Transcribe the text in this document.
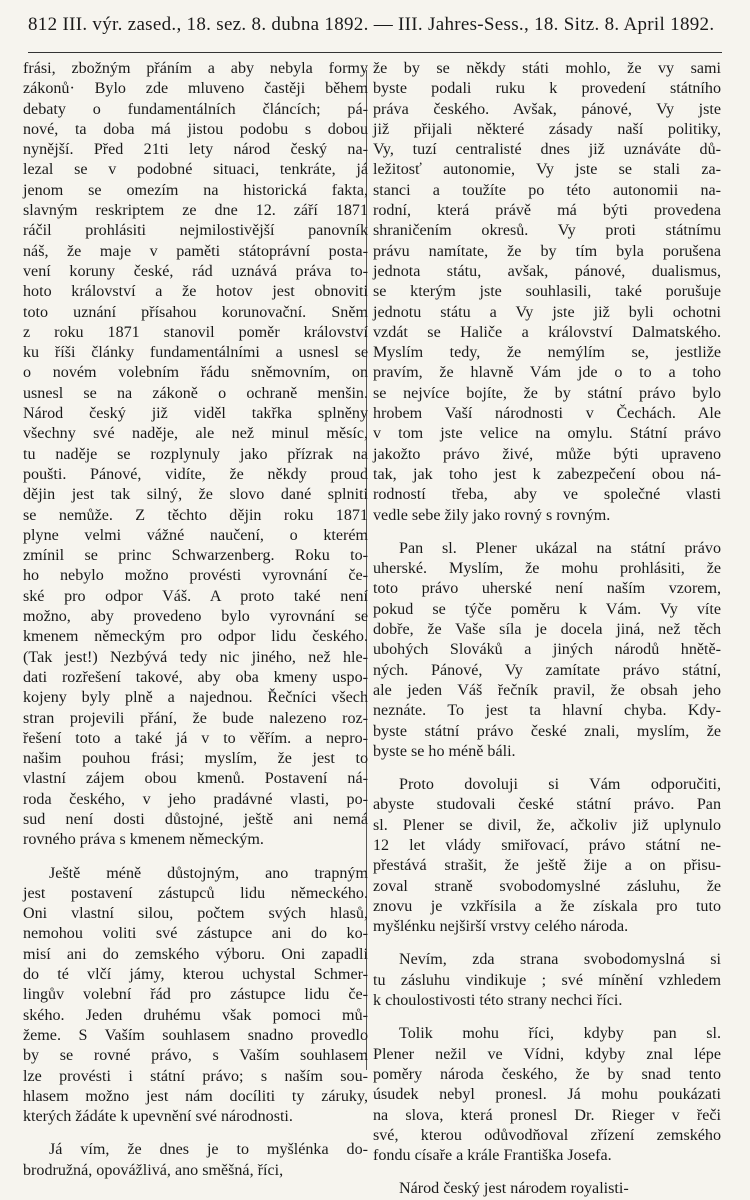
812 III. výr. zased., 18. sez. 8. dubna 1892. — III. Jahres-Sess., 18. Sitz. 8. April 1892.
frási, zbožným přáním a aby nebyla formy
zákonů· Bylo zde mluveno častěji během
debaty o fundamentálních článcích; pá-
nové, ta doba má jistou podobu s dobou
nynější. Před 21ti lety národ český na-
lezal se v podobné situaci, tenkráte, já
jenom se omezím na historická fakta,
slavným reskriptem ze dne 12. září 1871
ráčil prohlásiti nejmilostivější panovník
náš, že maje v paměti státoprávní posta-
vení koruny české, rád uznává práva to-
hoto království a že hotov jest obnoviti
toto uznání přísahou korunovační. Sněm
z roku 1871 stanovil poměr království
ku říši články fundamentálními a usnesl se
o novém volebním řádu sněmovním, on
usnesl se na zákoně o ochraně menšin.
Národ český již viděl takřka splněny
všechny své naděje, ale než minul měsíc,
tu naděje se rozplynuly jako přízrak na
poušti. Pánové, vidíte, že někdy proud
dějin jest tak silný, že slovo dané splniti
se nemůže. Z těchto dějin roku 1871
plyne velmi vážné naučení, o kterém
zmínil se princ Schwarzenberg. Roku to-
ho nebylo možno provésti vyrovnání če-
ské pro odpor Váš. A proto také není
možno, aby provedeno bylo vyrovnání se
kmenem německým pro odpor lidu českého.
(Tak jest!) Nezbývá tedy nic jiného, než hle-
dati rozřešení takové, aby oba kmeny uspo-
kojeny byly plně a najednou. Řečníci všech
stran projevili přání, že bude nalezeno roz-
řešení toto a také já v to věřím. a nepro-
našim pouhou frási; myslím, že jest to
vlastní zájem obou kmenů. Postavení ná-
roda českého, v jeho pradávné vlasti, po-
sud není dosti důstojné, ještě ani nemá
rovného práva s kmenem německým.
Ještě méně důstojným, ano trapným
jest postavení zástupců lidu německého.
Oni vlastní silou, počtem svých hlasů,
nemohou voliti své zástupce ani do ko-
misí ani do zemského výboru. Oni zapadli
do té vlčí jámy, kterou uchystal Schmer-
lingův volební řád pro zástupce lidu če-
ského. Jeden druhému však pomoci mů-
žeme. S Vaším souhlasem snadno provedlo
by se rovné právo, s Vaším souhlasem
lze provésti i státní právo; s naším sou-
hlasem možno jest nám docíliti ty záruky,
kterých žádáte k upevnění své národnosti.
Já vím, že dnes je to myšlénka do-
brodružná, opovážlivá, ano směšná, říci,
že by se někdy státi mohlo, že vy sami
byste podali ruku k provedení státního
práva českého. Avšak, pánové, Vy jste
již přijali některé zásady naší politiky,
Vy, tuzí centralisté dnes již uznáváte dů-
ležitosť autonomie, Vy jste se stali za-
stanci a toužíte po této autonomii na-
rodní, která právě má býti provedena
shraničením okresů. Vy proti státnímu
právu namítate, že by tím byla porušena
jednota státu, avšak, pánové, dualismus,
se kterým jste souhlasili, také porušuje
jednotu státu a Vy jste již byli ochotni
vzdát se Haliče a království Dalmatského.
Myslím tedy, že nemýlím se, jestliže
pravím, že hlavně Vám jde o to a toho
se nejvíce bojíte, že by státní právo bylo
hrobem Vaší národnosti v Čechách. Ale
v tom jste velice na omylu. Státní právo
jakožto právo živé, může býti upraveno
tak, jak toho jest k zabezpečení obou ná-
rodností třeba, aby ve společné vlasti
vedle sebe žily jako rovný s rovným.
Pan sl. Plener ukázal na státní právo
uherské. Myslím, že mohu prohlásiti, že
toto právo uherské není naším vzorem,
pokud se týče poměru k Vám. Vy víte
dobře, že Vaše síla je docela jiná, než těch
ubohých Slováků a jiných národů hnětě-
ných. Pánové, Vy zamítate právo státní,
ale jeden Váš řečník pravil, že obsah jeho
neznáte. To jest ta hlavní chyba. Kdy-
byste státní právo české znali, myslím, že
byste se ho méně báli.
Proto dovoluji si Vám odporučiti,
abyste studovali české státní právo. Pan
sl. Plener se divil, že, ačkoliv již uplynulo
12 let vlády smiřovací, právo státní ne-
přestává strašit, že ještě žije a on přisu-
zoval straně svobodomyslné zásluhu, že
znovu je vzkřísila a že získala pro tuto
myšlénku nejširší vrstvy celého národa.
Nevím, zda strana svobodomyslná si
tu zásluhu vindikuje ; své mínění vzhledem
k choulostivosti této strany nechci říci.
Tolik mohu říci, kdyby pan sl.
Plener nežil ve Vídni, kdyby znal lépe
poměry národa českého, že by snad tento
úsudek nebyl pronesl. Já mohu poukázati
na slova, která pronesl Dr. Rieger v řeči
své, kterou odůvodňoval zřízení zemského
fondu císaře a krále Františka Josefa.
Národ český jest národem royalisti-
